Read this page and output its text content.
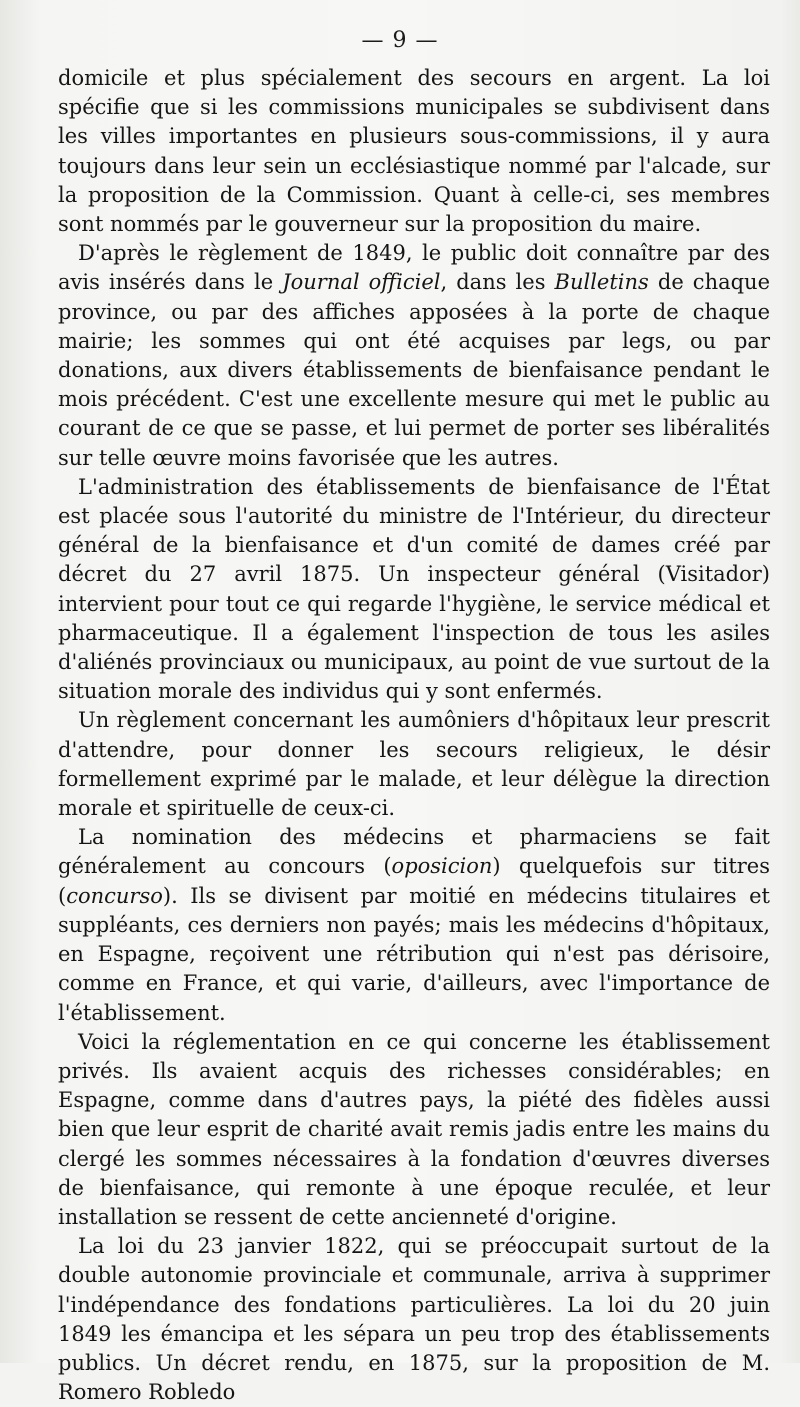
— 9 —

domicile et plus spécialement des secours en argent. La loi spécifie que si les commissions municipales se subdivisent dans les villes importantes en plusieurs sous-commissions, il y aura toujours dans leur sein un ecclésiastique nommé par l'alcade, sur la proposition de la Commission. Quant à celle-ci, ses membres sont nommés par le gouverneur sur la proposition du maire.

D'après le règlement de 1849, le public doit connaître par des avis insérés dans le Journal officiel, dans les Bulletins de chaque province, ou par des affiches apposées à la porte de chaque mairie; les sommes qui ont été acquises par legs, ou par donations, aux divers établissements de bienfaisance pendant le mois précédent. C'est une excellente mesure qui met le public au courant de ce que se passe, et lui permet de porter ses libéralités sur telle œuvre moins favorisée que les autres.

L'administration des établissements de bienfaisance de l'État est placée sous l'autorité du ministre de l'Intérieur, du directeur général de la bienfaisance et d'un comité de dames créé par décret du 27 avril 1875. Un inspecteur général (Visitador) intervient pour tout ce qui regarde l'hygiène, le service médical et pharmaceutique. Il a également l'inspection de tous les asiles d'aliénés provinciaux ou municipaux, au point de vue surtout de la situation morale des individus qui y sont enfermés.

Un règlement concernant les aumôniers d'hôpitaux leur prescrit d'attendre, pour donner les secours religieux, le désir formellement exprimé par le malade, et leur délègue la direction morale et spirituelle de ceux-ci.

La nomination des médecins et pharmaciens se fait généralement au concours (oposicion) quelquefois sur titres (concurso). Ils se divisent par moitié en médecins titulaires et suppléants, ces derniers non payés; mais les médecins d'hôpitaux, en Espagne, reçoivent une rétribution qui n'est pas dérisoire, comme en France, et qui varie, d'ailleurs, avec l'importance de l'établissement.

Voici la réglementation en ce qui concerne les établissement privés. Ils avaient acquis des richesses considérables; en Espagne, comme dans d'autres pays, la piété des fidèles aussi bien que leur esprit de charité avait remis jadis entre les mains du clergé les sommes nécessaires à la fondation d'œuvres diverses de bienfaisance, qui remonte à une époque reculée, et leur installation se ressent de cette ancienneté d'origine.

La loi du 23 janvier 1822, qui se préoccupait surtout de la double autonomie provinciale et communale, arriva à supprimer l'indépendance des fondations particulières. La loi du 20 juin 1849 les émancipa et les sépara un peu trop des établissements publics. Un décret rendu, en 1875, sur la proposition de M. Romero Robledo
